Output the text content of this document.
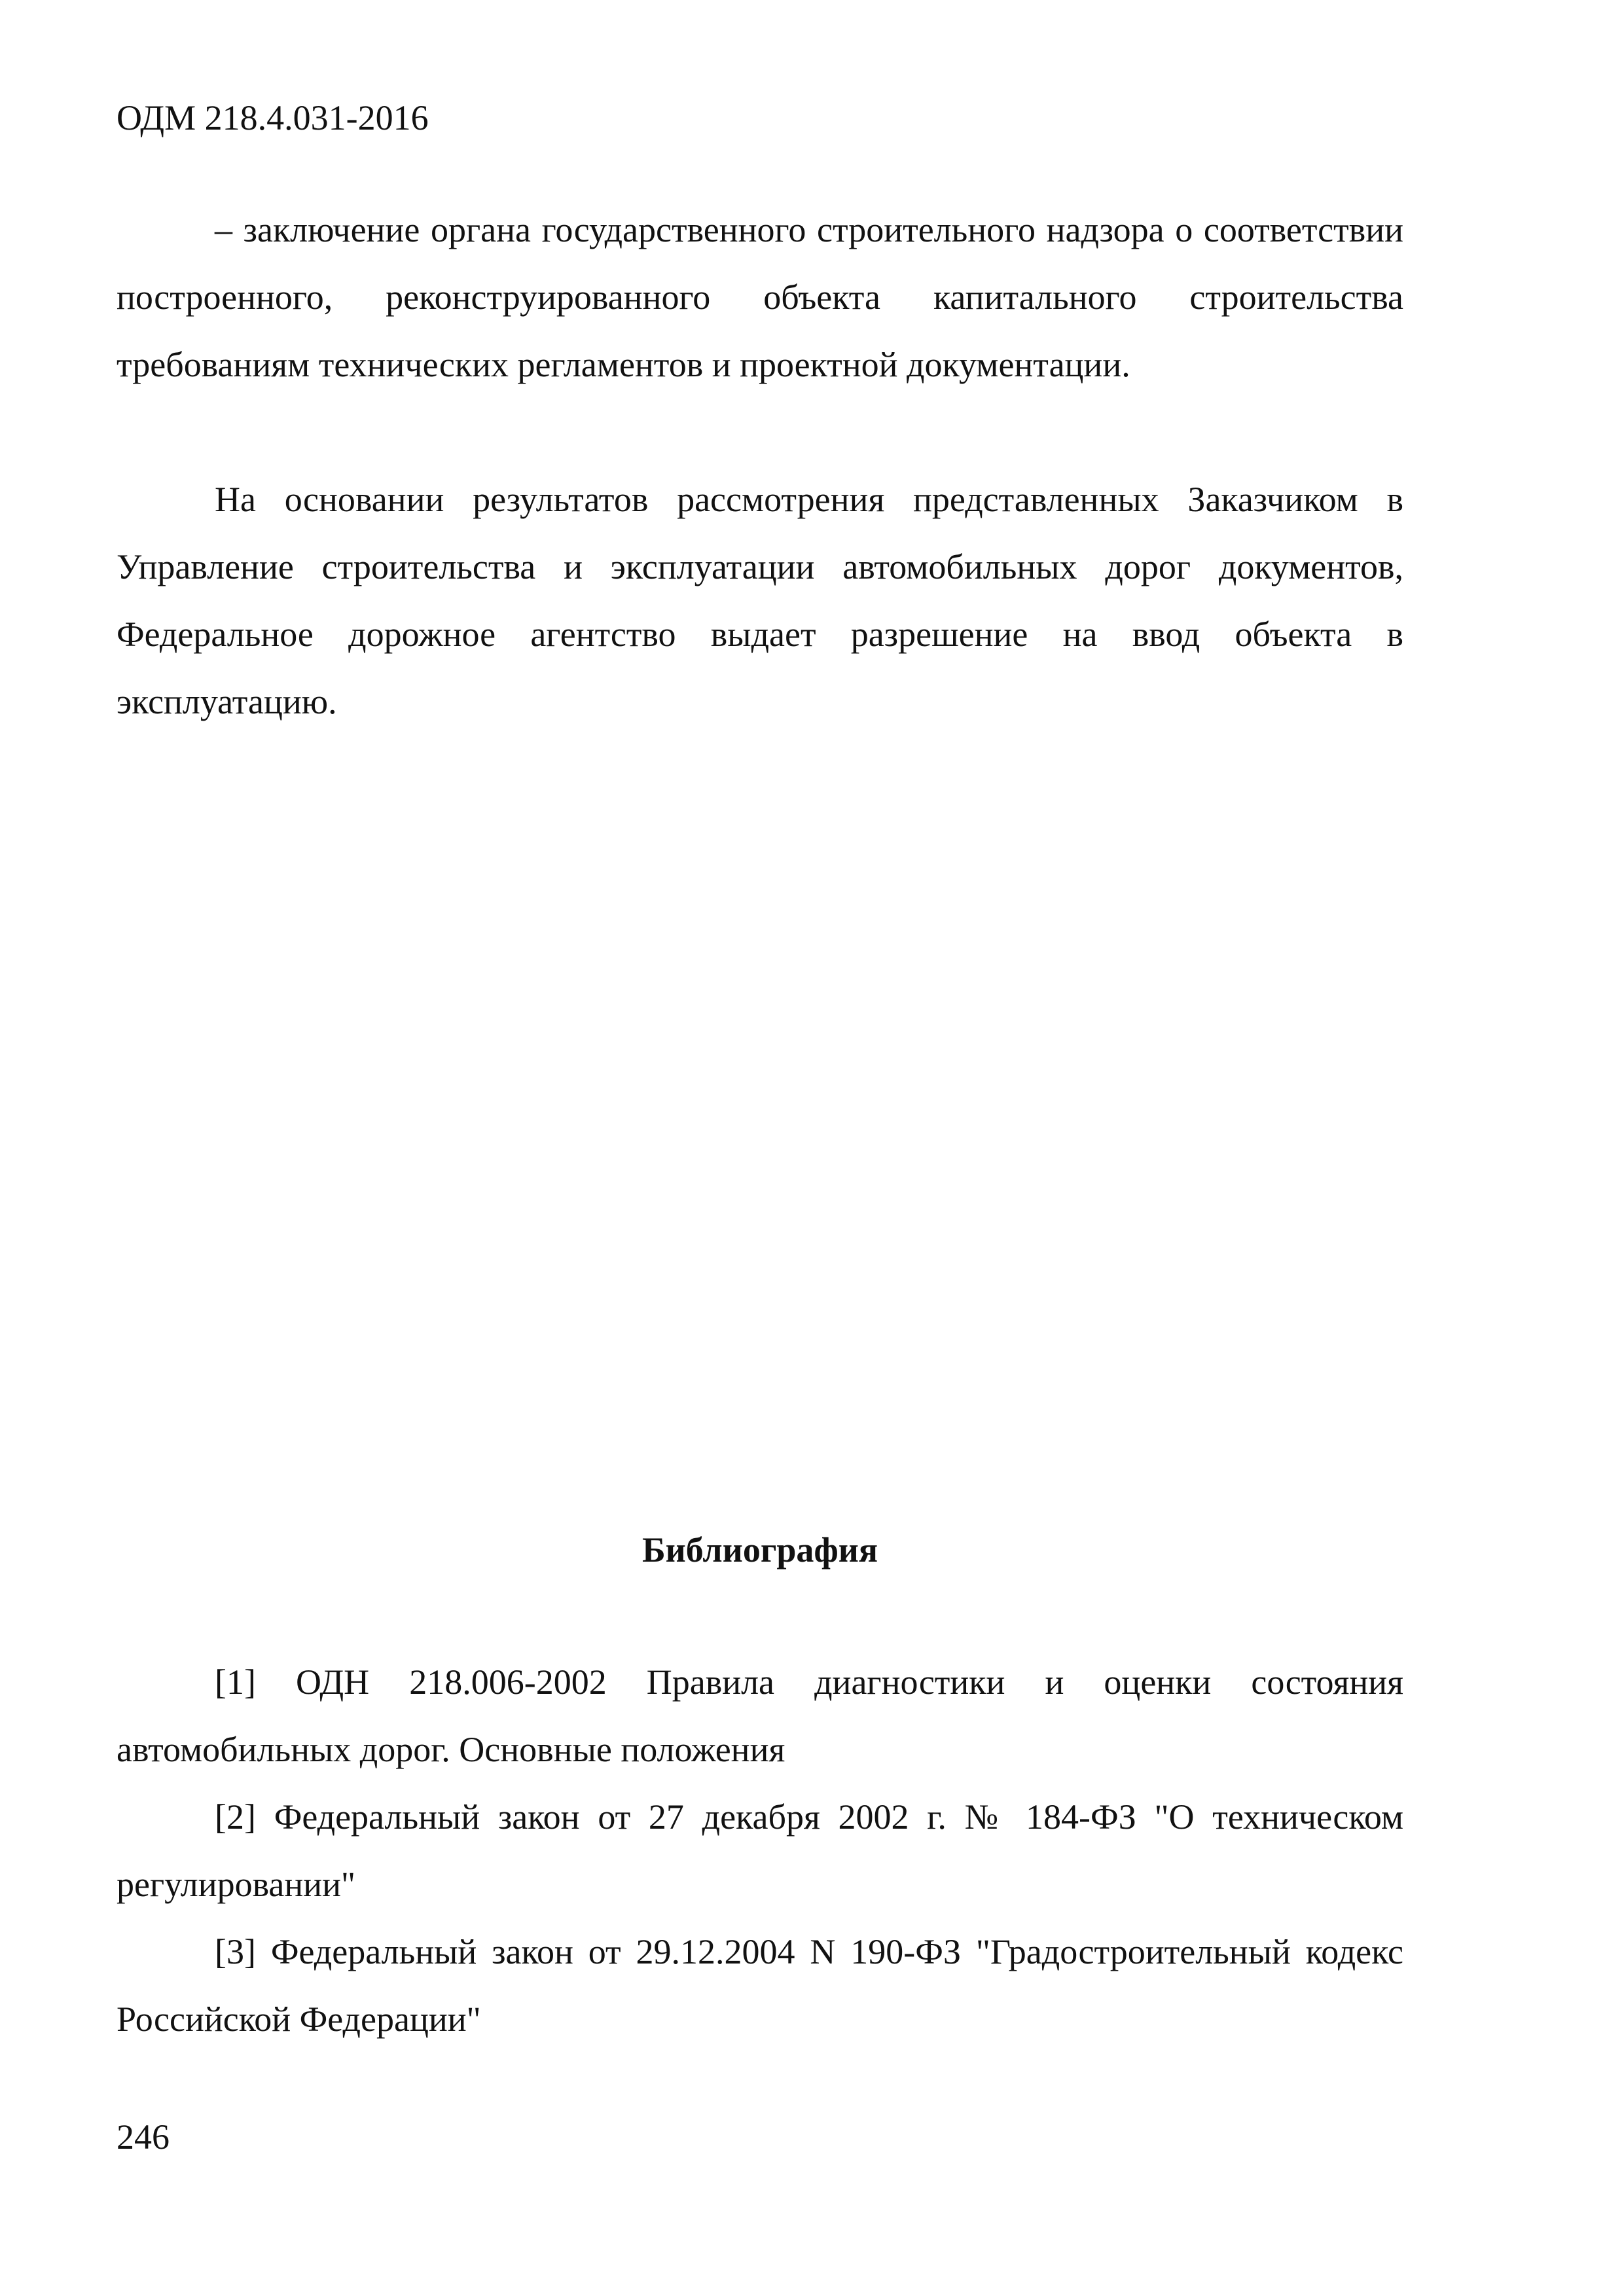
ОДМ 218.4.031-2016

– заключение органа государственного строительного надзора о соответствии построенного, реконструированного объекта капитального строительства требованиям технических регламентов и проектной документации.

На основании результатов рассмотрения представленных Заказчиком в Управление строительства и эксплуатации автомобильных дорог документов, Федеральное дорожное агентство выдает разрешение на ввод объекта в эксплуатацию.

Библиография

[1] ОДН 218.006-2002 Правила диагностики и оценки состояния автомобильных дорог. Основные положения

[2] Федеральный закон от 27 декабря 2002 г. № 184-ФЗ "О техническом регулировании"

[3] Федеральный закон от 29.12.2004 N 190-ФЗ "Градостроительный кодекс Российской Федерации"

246
